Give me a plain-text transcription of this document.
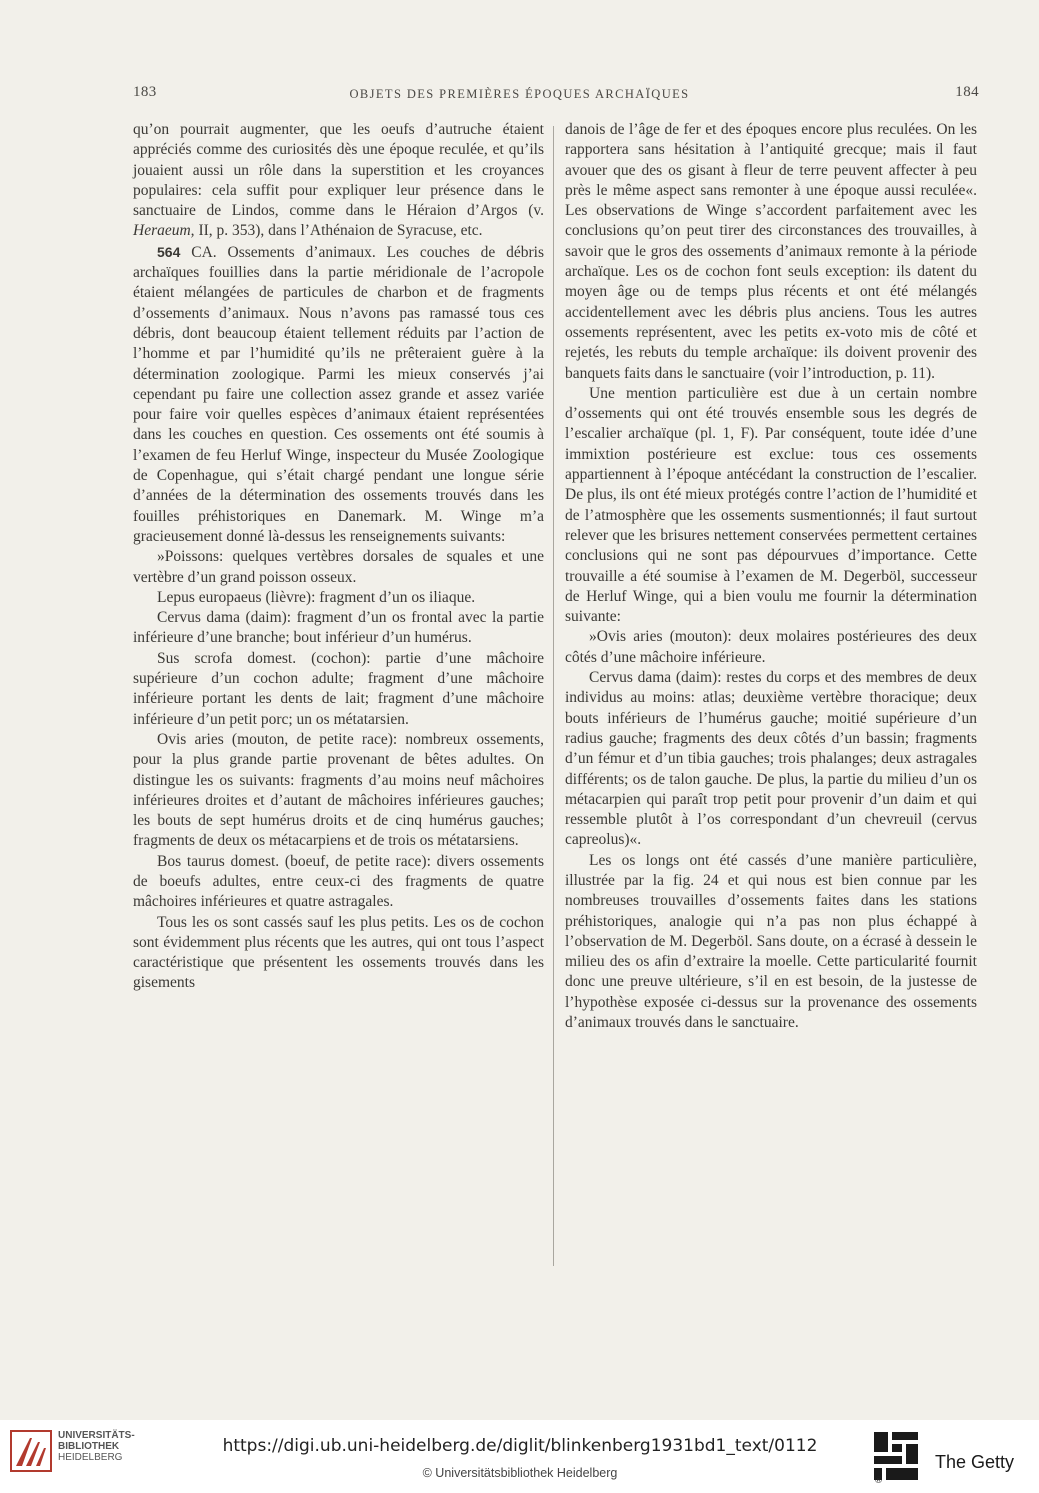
183	OBJETS DES PREMIÈRES ÉPOQUES ARCHAÏQUES	184

qu’on pourrait augmenter, que les oeufs d’autruche étaient appréciés comme des curiosités dès une époque reculée, et qu’ils jouaient aussi un rôle dans la superstition et les croyances populaires: cela suffit pour expliquer leur présence dans le sanctuaire de Lindos, comme dans le Héraion d’Argos (v. Heraeum, II, p. 353), dans l’Athénaion de Syracuse, etc.

564 CA. Ossements d’animaux. Les couches de débris archaïques fouillies dans la partie méridionale de l’acropole étaient mélangées de particules de charbon et de fragments d’ossements d’animaux. Nous n’avons pas ramassé tous ces débris, dont beaucoup étaient tellement réduits par l’action de l’homme et par l’humidité qu’ils ne prêteraient guère à la détermination zoologique. Parmi les mieux conservés j’ai cependant pu faire une collection assez grande et assez variée pour faire voir quelles espèces d’animaux étaient représentées dans les couches en question. Ces ossements ont été soumis à l’examen de feu Herluf Winge, inspecteur du Musée Zoologique de Copenhague, qui s’était chargé pendant une longue série d’années de la détermination des ossements trouvés dans les fouilles préhistoriques en Danemark. M. Winge m’a gracieusement donné là-dessus les renseignements suivants:

»Poissons: quelques vertèbres dorsales de squales et une vertèbre d’un grand poisson osseux.

Lepus europaeus (lièvre): fragment d’un os iliaque.

Cervus dama (daim): fragment d’un os frontal avec la partie inférieure d’une branche; bout inférieur d’un humérus.

Sus scrofa domest. (cochon): partie d’une mâchoire supérieure d’un cochon adulte; fragment d’une mâchoire inférieure portant les dents de lait; fragment d’une mâchoire inférieure d’un petit porc; un os métatarsien.

Ovis aries (mouton, de petite race): nombreux ossements, pour la plus grande partie provenant de bêtes adultes. On distingue les os suivants: fragments d’au moins neuf mâchoires inférieures droites et d’autant de mâchoires inférieures gauches; les bouts de sept humérus droits et de cinq humérus gauches; fragments de deux os métacarpiens et de trois os métatarsiens.

Bos taurus domest. (boeuf, de petite race): divers ossements de boeufs adultes, entre ceux-ci des fragments de quatre mâchoires inférieures et quatre astragales.

Tous les os sont cassés sauf les plus petits. Les os de cochon sont évidemment plus récents que les autres, qui ont tous l’aspect caractéristique que présentent les ossements trouvés dans les gisements

danois de l’âge de fer et des époques encore plus reculées. On les rapportera sans hésitation à l’antiquité grecque; mais il faut avouer que des os gisant à fleur de terre peuvent affecter à peu près le même aspect sans remonter à une époque aussi reculée«. Les observations de Winge s’accordent parfaitement avec les conclusions qu’on peut tirer des circonstances des trouvailles, à savoir que le gros des ossements d’animaux remonte à la période archaïque. Les os de cochon font seuls exception: ils datent du moyen âge ou de temps plus récents et ont été mélangés accidentellement avec les débris plus anciens. Tous les autres ossements représentent, avec les petits ex-voto mis de côté et rejetés, les rebuts du temple archaïque: ils doivent provenir des banquets faits dans le sanctuaire (voir l’introduction, p. 11).

Une mention particulière est due à un certain nombre d’ossements qui ont été trouvés ensemble sous les degrés de l’escalier archaïque (pl. 1, F). Par conséquent, toute idée d’une immixtion postérieure est exclue: tous ces ossements appartiennent à l’époque antécédant la construction de l’escalier. De plus, ils ont été mieux protégés contre l’action de l’humidité et de l’atmosphère que les ossements susmentionnés; il faut surtout relever que les brisures nettement conservées permettent certaines conclusions qui ne sont pas dépourvues d’importance. Cette trouvaille a été soumise à l’examen de M. Degerböl, successeur de Herluf Winge, qui a bien voulu me fournir la détermination suivante:

»Ovis aries (mouton): deux molaires postérieures des deux côtés d’une mâchoire inférieure.

Cervus dama (daim): restes du corps et des membres de deux individus au moins: atlas; deuxième vertèbre thoracique; deux bouts inférieurs de l’humérus gauche; moitié supérieure d’un radius gauche; fragments des deux côtés d’un bassin; fragments d’un fémur et d’un tibia gauches; trois phalanges; deux astragales différents; os de talon gauche. De plus, la partie du milieu d’un os métacarpien qui paraît trop petit pour provenir d’un daim et qui ressemble plutôt à l’os correspondant d’un chevreuil (cervus capreolus)«.

Les os longs ont été cassés d’une manière particulière, illustrée par la fig. 24 et qui nous est bien connue par les nombreuses trouvailles d’ossements faites dans les stations préhistoriques, analogie qui n’a pas non plus échappé à l’observation de M. Degerböl. Sans doute, on a écrasé à dessein le milieu des os afin d’extraire la moelle. Cette particularité fournit donc une preuve ultérieure, s’il en est besoin, de la justesse de l’hypothèse exposée ci-dessus sur la provenance des ossements d’animaux trouvés dans le sanctuaire.

UNIVERSITÄTS-
BIBLIOTHEK
HEIDELBERG
https://digi.ub.uni-heidelberg.de/diglit/blinkenberg1931bd1_text/0112
© Universitätsbibliothek Heidelberg
®
The Getty
